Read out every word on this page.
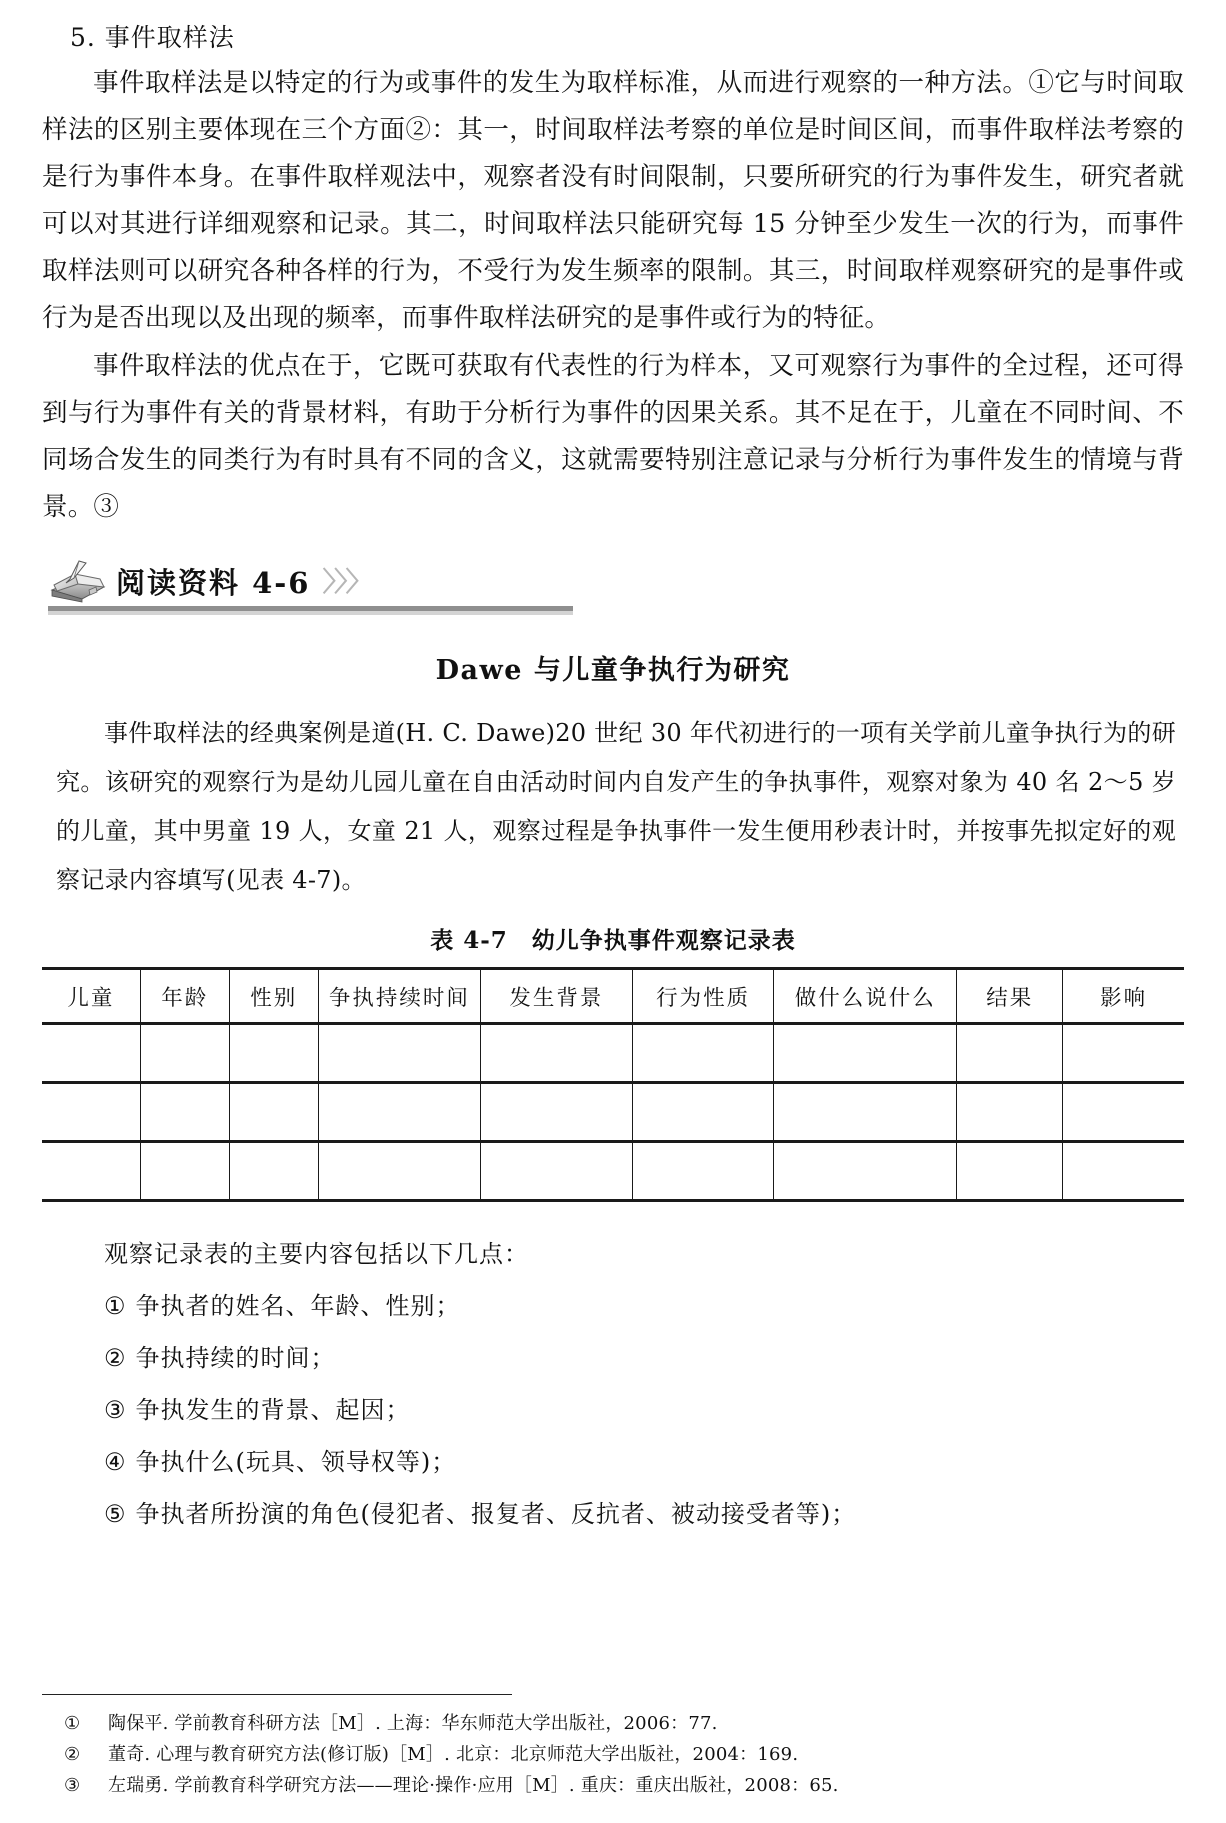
5. 事件取样法

事件取样法是以特定的行为或事件的发生为取样标准，从而进行观察的一种方法。①它与时间取样法的区别主要体现在三个方面②：其一，时间取样法考察的单位是时间区间，而事件取样法考察的是行为事件本身。在事件取样观法中，观察者没有时间限制，只要所研究的行为事件发生，研究者就可以对其进行详细观察和记录。其二，时间取样法只能研究每 15 分钟至少发生一次的行为，而事件取样法则可以研究各种各样的行为，不受行为发生频率的限制。其三，时间取样观察研究的是事件或行为是否出现以及出现的频率，而事件取样法研究的是事件或行为的特征。

事件取样法的优点在于，它既可获取有代表性的行为样本，又可观察行为事件的全过程，还可得到与行为事件有关的背景材料，有助于分析行为事件的因果关系。其不足在于，儿童在不同时间、不同场合发生的同类行为有时具有不同的含义，这就需要特别注意记录与分析行为事件发生的情境与背景。③

阅读资料 4-6 〉〉〉
Dawe 与儿童争执行为研究

事件取样法的经典案例是道(H. C. Dawe)20 世纪 30 年代初进行的一项有关学前儿童争执行为的研究。该研究的观察行为是幼儿园儿童在自由活动时间内自发产生的争执事件，观察对象为 40 名 2～5 岁的儿童，其中男童 19 人，女童 21 人，观察过程是争执事件一发生便用秒表计时，并按事先拟定好的观察记录内容填写(见表 4-7)。

表 4-7　幼儿争执事件观察记录表
儿童	年龄	性别	争执持续时间	发生背景	行为性质	做什么说什么	结果	影响

观察记录表的主要内容包括以下几点：
① 争执者的姓名、年龄、性别；
② 争执持续的时间；
③ 争执发生的背景、起因；
④ 争执什么(玩具、领导权等)；
⑤ 争执者所扮演的角色(侵犯者、报复者、反抗者、被动接受者等)；
① 陶保平. 学前教育科研方法［M］. 上海：华东师范大学出版社，2006：77.
② 董奇. 心理与教育研究方法(修订版)［M］. 北京：北京师范大学出版社，2004：169.
③ 左瑞勇. 学前教育科学研究方法——理论·操作·应用［M］. 重庆：重庆出版社，2008：65.
